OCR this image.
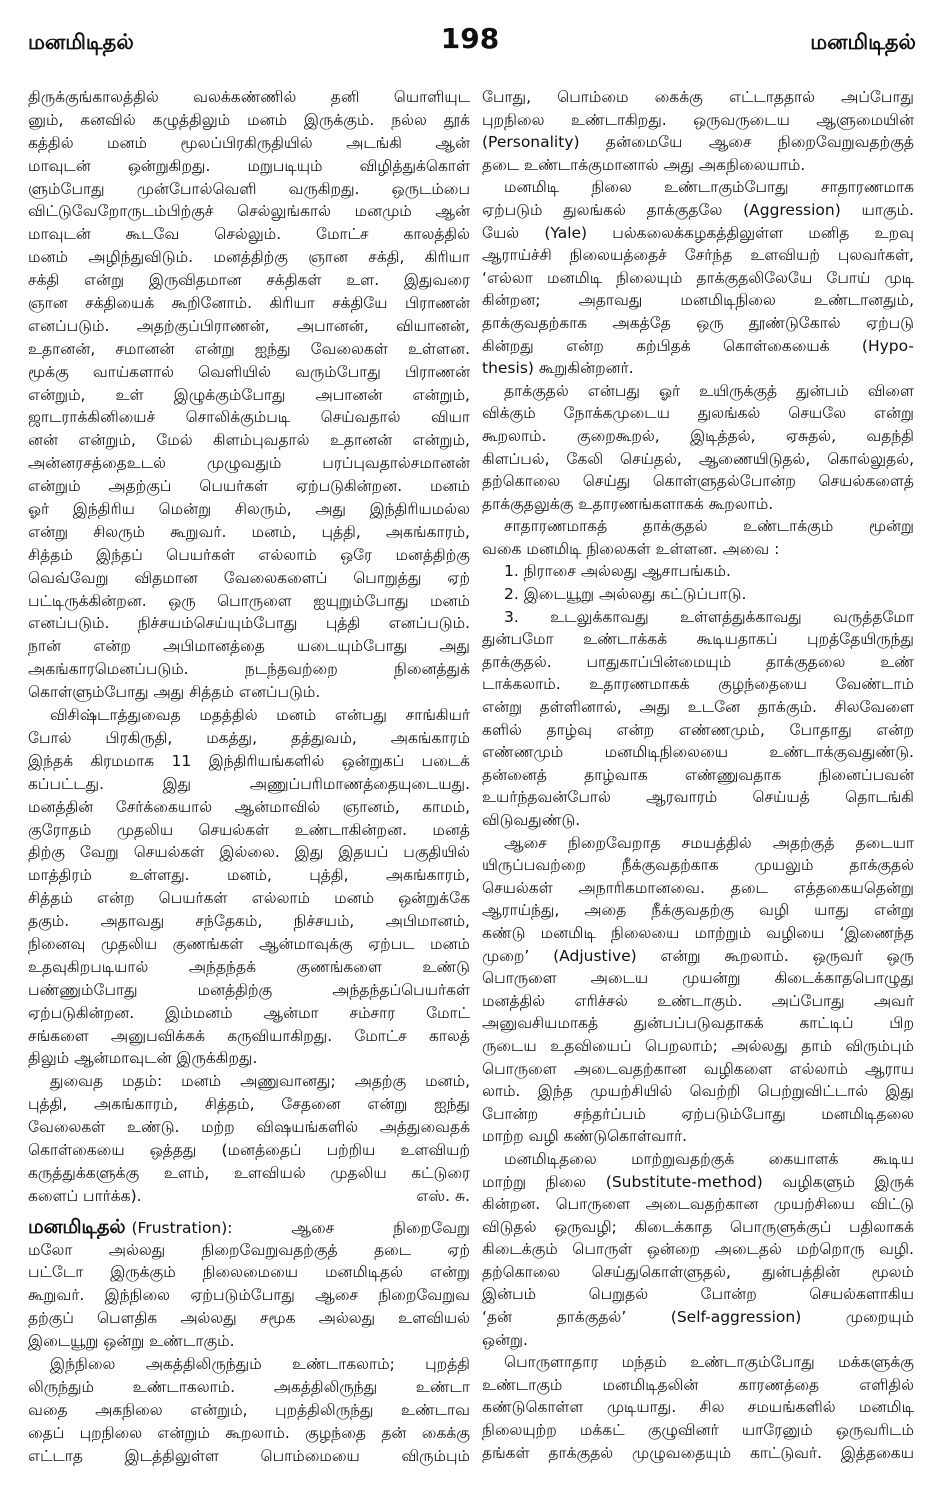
மனமிடிதல்	198	மனமிடிதல்
திருக்குங்காலத்தில் வலக்கண்ணில் தனி யொளியுட
னும், கனவில் கழுத்திலும் மனம் இருக்கும். நல்ல தூக்
கத்தில் மனம் மூலப்பிரகிருதியில் அடங்கி ஆன்
மாவுடன் ஒன்றுகிறது. மறுபடியும் விழித்துக்கொள்
ளும்போது முன்போல்வெளி வருகிறது. ஒருடம்பை
விட்டுவேறோருடம்பிற்குச் செல்லுங்கால் மனமும் ஆன்
மாவுடன் கூடவே செல்லும். மோட்ச காலத்தில்
மனம் அழிந்துவிடும். மனத்திற்கு ஞான சக்தி, கிரியா
சக்தி என்று இருவிதமான சக்திகள் உள. இதுவரை
ஞான சக்தியைக் கூறினோம். கிரியா சக்தியே பிராணன்
எனப்படும். அதற்குப்பிராணன், அபானன், வியானன்,
உதானன், சமானன் என்று ஐந்து வேலைகள் உள்ளன.
மூக்கு வாய்களால் வெளியில் வரும்போது பிராணன்
என்றும், உள் இழுக்கும்போது அபானன் என்றும்,
ஜாடராக்கினியைச் சொலிக்கும்படி செய்வதால் வியா
னன் என்றும், மேல் கிளம்புவதால் உதானன் என்றும்,
அன்னரசத்தைஉடல் முழுவதும் பரப்புவதால்சமானன்
என்றும் அதற்குப் பெயர்கள் ஏற்படுகின்றன. மனம்
ஓர் இந்திரிய மென்று சிலரும், அது இந்திரியமல்ல
என்று சிலரும் கூறுவர். மனம், புத்தி, அகங்காரம்,
சித்தம் இந்தப் பெயர்கள் எல்லாம் ஒரே மனத்திற்கு
வெவ்வேறு விதமான வேலைகளைப் பொறுத்து ஏற்
பட்டிருக்கின்றன. ஒரு பொருளை ஐயுறும்போது மனம்
எனப்படும். நிச்சயம்செய்யும்போது புத்தி எனப்படும்.
நான் என்ற அபிமானத்தை யடையும்போது அது
அகங்காரமெனப்படும். நடந்தவற்றை நினைத்துக்
கொள்ளும்போது அது சித்தம் எனப்படும்.
விசிஷ்டாத்துவைத மதத்தில் மனம் என்பது சாங்கியர்
போல் பிரகிருதி, மகத்து, தத்துவம், அகங்காரம்
இந்தக் கிரமமாக 11 இந்திரியங்களில் ஒன்றுகப் படைக்
கப்பட்டது. இது அணுப்பரிமாணத்தையுடையது.
மனத்தின் சேர்க்கையால் ஆன்மாவில் ஞானம், காமம்,
குரோதம் முதலிய செயல்கள் உண்டாகின்றன. மனத்
திற்கு வேறு செயல்கள் இல்லை. இது இதயப் பகுதியில்
மாத்திரம் உள்ளது. மனம், புத்தி, அகங்காரம்,
சித்தம் என்ற பெயர்கள் எல்லாம் மனம் ஒன்றுக்கே
தகும். அதாவது சந்தேகம், நிச்சயம், அபிமானம்,
நினைவு முதலிய குணங்கள் ஆன்மாவுக்கு ஏற்பட மனம்
உதவுகிறபடியால் அந்தந்தக் குணங்களை உண்டு
பண்ணும்போது மனத்திற்கு அந்தந்தப்பெயர்கள்
ஏற்படுகின்றன. இம்மனம் ஆன்மா சம்சார மோட்
சங்களை அனுபவிக்கக் கருவியாகிறது. மோட்ச காலத்
திலும் ஆன்மாவுடன் இருக்கிறது.
துவைத மதம்: மனம் அணுவானது; அதற்கு மனம்,
புத்தி, அகங்காரம், சித்தம், சேதனை என்று ஐந்து
வேலைகள் உண்டு. மற்ற விஷயங்களில் அத்துவைதக்
கொள்கையை ஒத்தது (மனத்தைப் பற்றிய உளவியற்
கருத்துக்களுக்கு உளம், உளவியல் முதலிய கட்டுரை
களைப் பார்க்க).	எஸ். சு.
மனமிடிதல் (Frustration): ஆசை நிறைவேறு
மலோ அல்லது நிறைவேறுவதற்குத் தடை ஏற்
பட்டோ இருக்கும் நிலைமையை மனமிடிதல் என்று
கூறுவர். இந்நிலை ஏற்படும்போது ஆசை நிறைவேறுவ
தற்குப் பௌதிக அல்லது சமூக அல்லது உளவியல்
இடையூறு ஒன்று உண்டாகும்.
இந்நிலை அகத்திலிருந்தும் உண்டாகலாம்; புறத்தி
லிருந்தும் உண்டாகலாம். அகத்திலிருந்து உண்டா
வதை அகநிலை என்றும், புறத்திலிருந்து உண்டாவ
தைப் புறநிலை என்றும் கூறலாம். குழந்தை தன் கைக்கு
எட்டாத இடத்திலுள்ள பொம்மையை விரும்பும்
போது, பொம்மை கைக்கு எட்டாததால் அப்போது
புறநிலை உண்டாகிறது. ஒருவருடைய ஆளுமையின்
(Personality) தன்மையே ஆசை நிறைவேறுவதற்குத்
தடை உண்டாக்குமானால் அது அகநிலையாம்.
மனமிடி நிலை உண்டாகும்போது சாதாரணமாக
ஏற்படும் துலங்கல் தாக்குதலே (Aggression) யாகும்.
யேல் (Yale) பல்கலைக்கழகத்திலுள்ள மனித உறவு
ஆராய்ச்சி நிலையத்தைச் சேர்ந்த உளவியற் புலவர்கள்,
‘எல்லா மனமிடி நிலையும் தாக்குதலிலேயே போய் முடி
கின்றன; அதாவது மனமிடிநிலை உண்டானதும்,
தாக்குவதற்காக அகத்தே ஒரு தூண்டுகோல் ஏற்படு
கின்றது என்ற கற்பிதக் கொள்கையைக் (Hypo-
thesis) கூறுகின்றனர்.
தாக்குதல் என்பது ஓர் உயிருக்குத் துன்பம் விளை
விக்கும் நோக்கமுடைய துலங்கல் செயலே என்று
கூறலாம். குறைகூறல், இடித்தல், ஏசுதல், வதந்தி
கிளப்பல், கேலி செய்தல், ஆணையிடுதல், கொல்லுதல்,
தற்கொலை செய்து கொள்ளுதல்போன்ற செயல்களைத்
தாக்குதலுக்கு உதாரணங்களாகக் கூறலாம்.
சாதாரணமாகத் தாக்குதல் உண்டாக்கும் மூன்று
வகை மனமிடி நிலைகள் உள்ளன. அவை :
1. நிராசை அல்லது ஆசாபங்கம்.
2. இடையூறு அல்லது கட்டுப்பாடு.
3. உடலுக்காவது உள்ளத்துக்காவது வருத்தமோ
துன்பமோ உண்டாக்கக் கூடியதாகப் புறத்தேயிருந்து
தாக்குதல். பாதுகாப்பின்மையும் தாக்குதலை உண்
டாக்கலாம். உதாரணமாகக் குழந்தையை வேண்டாம்
என்று தள்ளினால், அது உடனே தாக்கும். சிலவேளை
களில் தாழ்வு என்ற எண்ணமும், போதாது என்ற
எண்ணமும் மனமிடிநிலையை உண்டாக்குவதுண்டு.
தன்னைத் தாழ்வாக எண்ணுவதாக நினைப்பவன்
உயர்ந்தவன்போல் ஆரவாரம் செய்யத் தொடங்கி
விடுவதுண்டு.
ஆசை நிறைவேறாத சமயத்தில் அதற்குத் தடையா
யிருப்பவற்றை நீக்குவதற்காக முயலும் தாக்குதல்
செயல்கள் அநாரிகமானவை. தடை எத்தகையதென்று
ஆராய்ந்து, அதை நீக்குவதற்கு வழி யாது என்று
கண்டு மனமிடி நிலையை மாற்றும் வழியை ‘இணைந்த
முறை’ (Adjustive) என்று கூறலாம். ஒருவர் ஒரு
பொருளை அடைய முயன்று கிடைக்காதபொழுது
மனத்தில் எரிச்சல் உண்டாகும். அப்போது அவர்
அனுவசியமாகத் துன்பப்படுவதாகக் காட்டிப் பிற
ருடைய உதவியைப் பெறலாம்; அல்லது தாம் விரும்பும்
பொருளை அடைவதற்கான வழிகளை எல்லாம் ஆராய
லாம். இந்த முயற்சியில் வெற்றி பெற்றுவிட்டால் இது
போன்ற சந்தர்ப்பம் ஏற்படும்போது மனமிடிதலை
மாற்ற வழி கண்டுகொள்வார்.
மனமிடிதலை மாற்றுவதற்குக் கையாளக் கூடிய
மாற்று நிலை (Substitute-method) வழிகளும் இருக்
கின்றன. பொருளை அடைவதற்கான முயற்சியை விட்டு
விடுதல் ஒருவழி; கிடைக்காத பொருளுக்குப் பதிலாகக்
கிடைக்கும் பொருள் ஒன்றை அடைதல் மற்றொரு வழி.
தற்கொலை செய்துகொள்ளுதல், துன்பத்தின் மூலம்
இன்பம் பெறுதல் போன்ற செயல்களாகிய
‘தன் தாக்குதல்’ (Self-aggression) முறையும்
ஒன்று.
பொருளாதார மந்தம் உண்டாகும்போது மக்களுக்கு
உண்டாகும் மனமிடிதலின் காரணத்தை எளிதில்
கண்டுகொள்ள முடியாது. சில சமயங்களில் மனமிடி
நிலையுற்ற மக்கட் குழுவினர் யாரேனும் ஒருவரிடம்
தங்கள் தாக்குதல் முழுவதையும் காட்டுவர். இத்தகைய
